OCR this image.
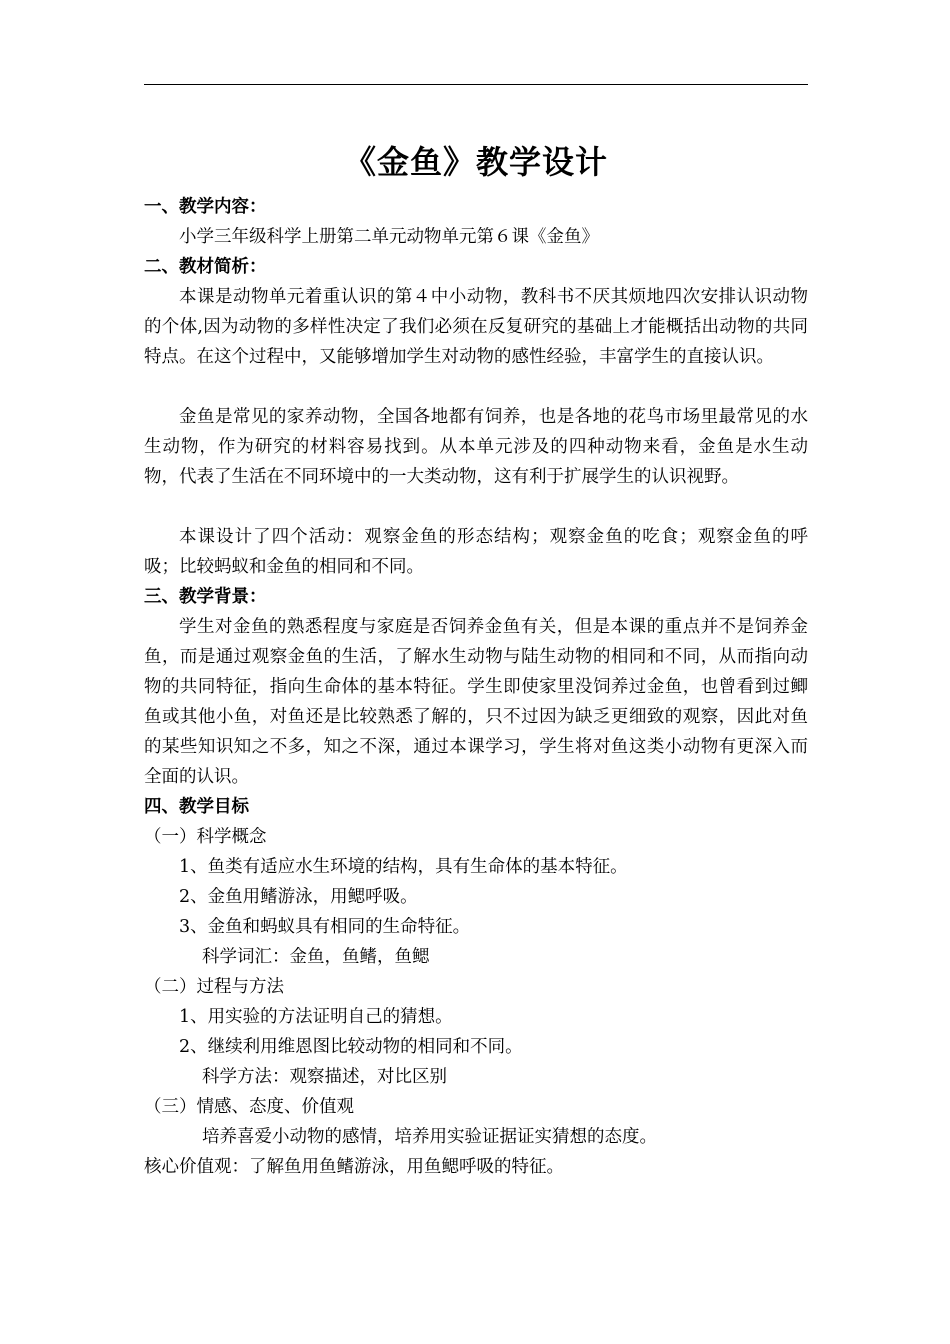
《金鱼》教学设计

一、教学内容：

小学三年级科学上册第二单元动物单元第６课《金鱼》

二、教材简析：

本课是动物单元着重认识的第４中小动物，教科书不厌其烦地四次安排认识动物的个体,因为动物的多样性决定了我们必须在反复研究的基础上才能概括出动物的共同特点。在这个过程中，又能够增加学生对动物的感性经验，丰富学生的直接认识。

金鱼是常见的家养动物，全国各地都有饲养，也是各地的花鸟市场里最常见的水生动物，作为研究的材料容易找到。从本单元涉及的四种动物来看，金鱼是水生动物，代表了生活在不同环境中的一大类动物，这有利于扩展学生的认识视野。

本课设计了四个活动：观察金鱼的形态结构；观察金鱼的吃食；观察金鱼的呼吸；比较蚂蚁和金鱼的相同和不同。

三、教学背景：

学生对金鱼的熟悉程度与家庭是否饲养金鱼有关，但是本课的重点并不是饲养金鱼，而是通过观察金鱼的生活，了解水生动物与陆生动物的相同和不同，从而指向动物的共同特征，指向生命体的基本特征。学生即使家里没饲养过金鱼，也曾看到过鲫鱼或其他小鱼，对鱼还是比较熟悉了解的，只不过因为缺乏更细致的观察，因此对鱼的某些知识知之不多，知之不深，通过本课学习，学生将对鱼这类小动物有更深入而全面的认识。

四、教学目标

（一）科学概念

1、鱼类有适应水生环境的结构，具有生命体的基本特征。

2、金鱼用鳍游泳，用鳃呼吸。

3、金鱼和蚂蚁具有相同的生命特征。

科学词汇：金鱼，鱼鳍，鱼鳃

（二）过程与方法

1、用实验的方法证明自己的猜想。

2、继续利用维恩图比较动物的相同和不同。

科学方法：观察描述，对比区别

（三）情感、态度、价值观

培养喜爱小动物的感情，培养用实验证据证实猜想的态度。

核心价值观：了解鱼用鱼鳍游泳，用鱼鳃呼吸的特征。
